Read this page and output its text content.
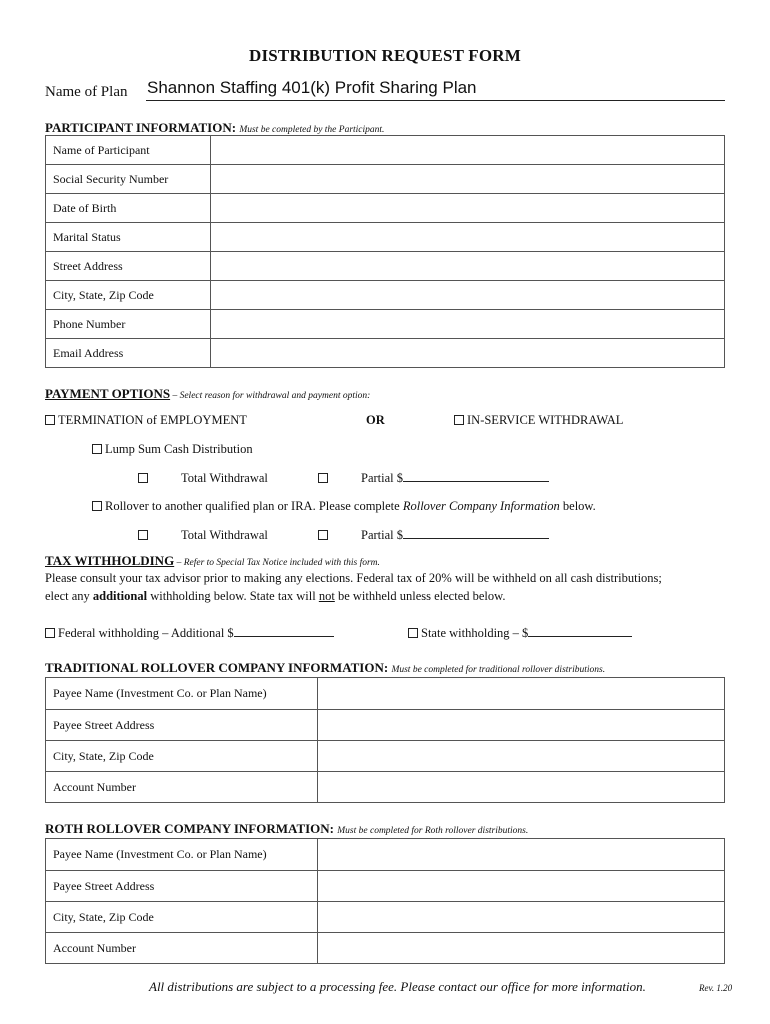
DISTRIBUTION REQUEST FORM
Name of Plan Shannon Staffing 401(k) Profit Sharing Plan
PARTICIPANT INFORMATION: Must be completed by the Participant.
Name of Participant	
Social Security Number	
Date of Birth	
Marital Status	
Street Address	
City, State, Zip Code	
Phone Number	
Email Address	
PAYMENT OPTIONS – Select reason for withdrawal and payment option:
TERMINATION of EMPLOYMENT	OR	IN-SERVICE WITHDRAWAL
Lump Sum Cash Distribution
Total Withdrawal	Partial $
Rollover to another qualified plan or IRA. Please complete Rollover Company Information below.
Total Withdrawal	Partial $
TAX WITHHOLDING – Refer to Special Tax Notice included with this form.
Please consult your tax advisor prior to making any elections. Federal tax of 20% will be withheld on all cash distributions;
elect any additional withholding below. State tax will not be withheld unless elected below.
Federal withholding – Additional $	State withholding – $
TRADITIONAL ROLLOVER COMPANY INFORMATION: Must be completed for traditional rollover distributions.
Payee Name (Investment Co. or Plan Name)	
Payee Street Address	
City, State, Zip Code	
Account Number	
ROTH ROLLOVER COMPANY INFORMATION: Must be completed for Roth rollover distributions.
Payee Name (Investment Co. or Plan Name)	
Payee Street Address	
City, State, Zip Code	
Account Number	
All distributions are subject to a processing fee. Please contact our office for more information.	Rev. 1.20
